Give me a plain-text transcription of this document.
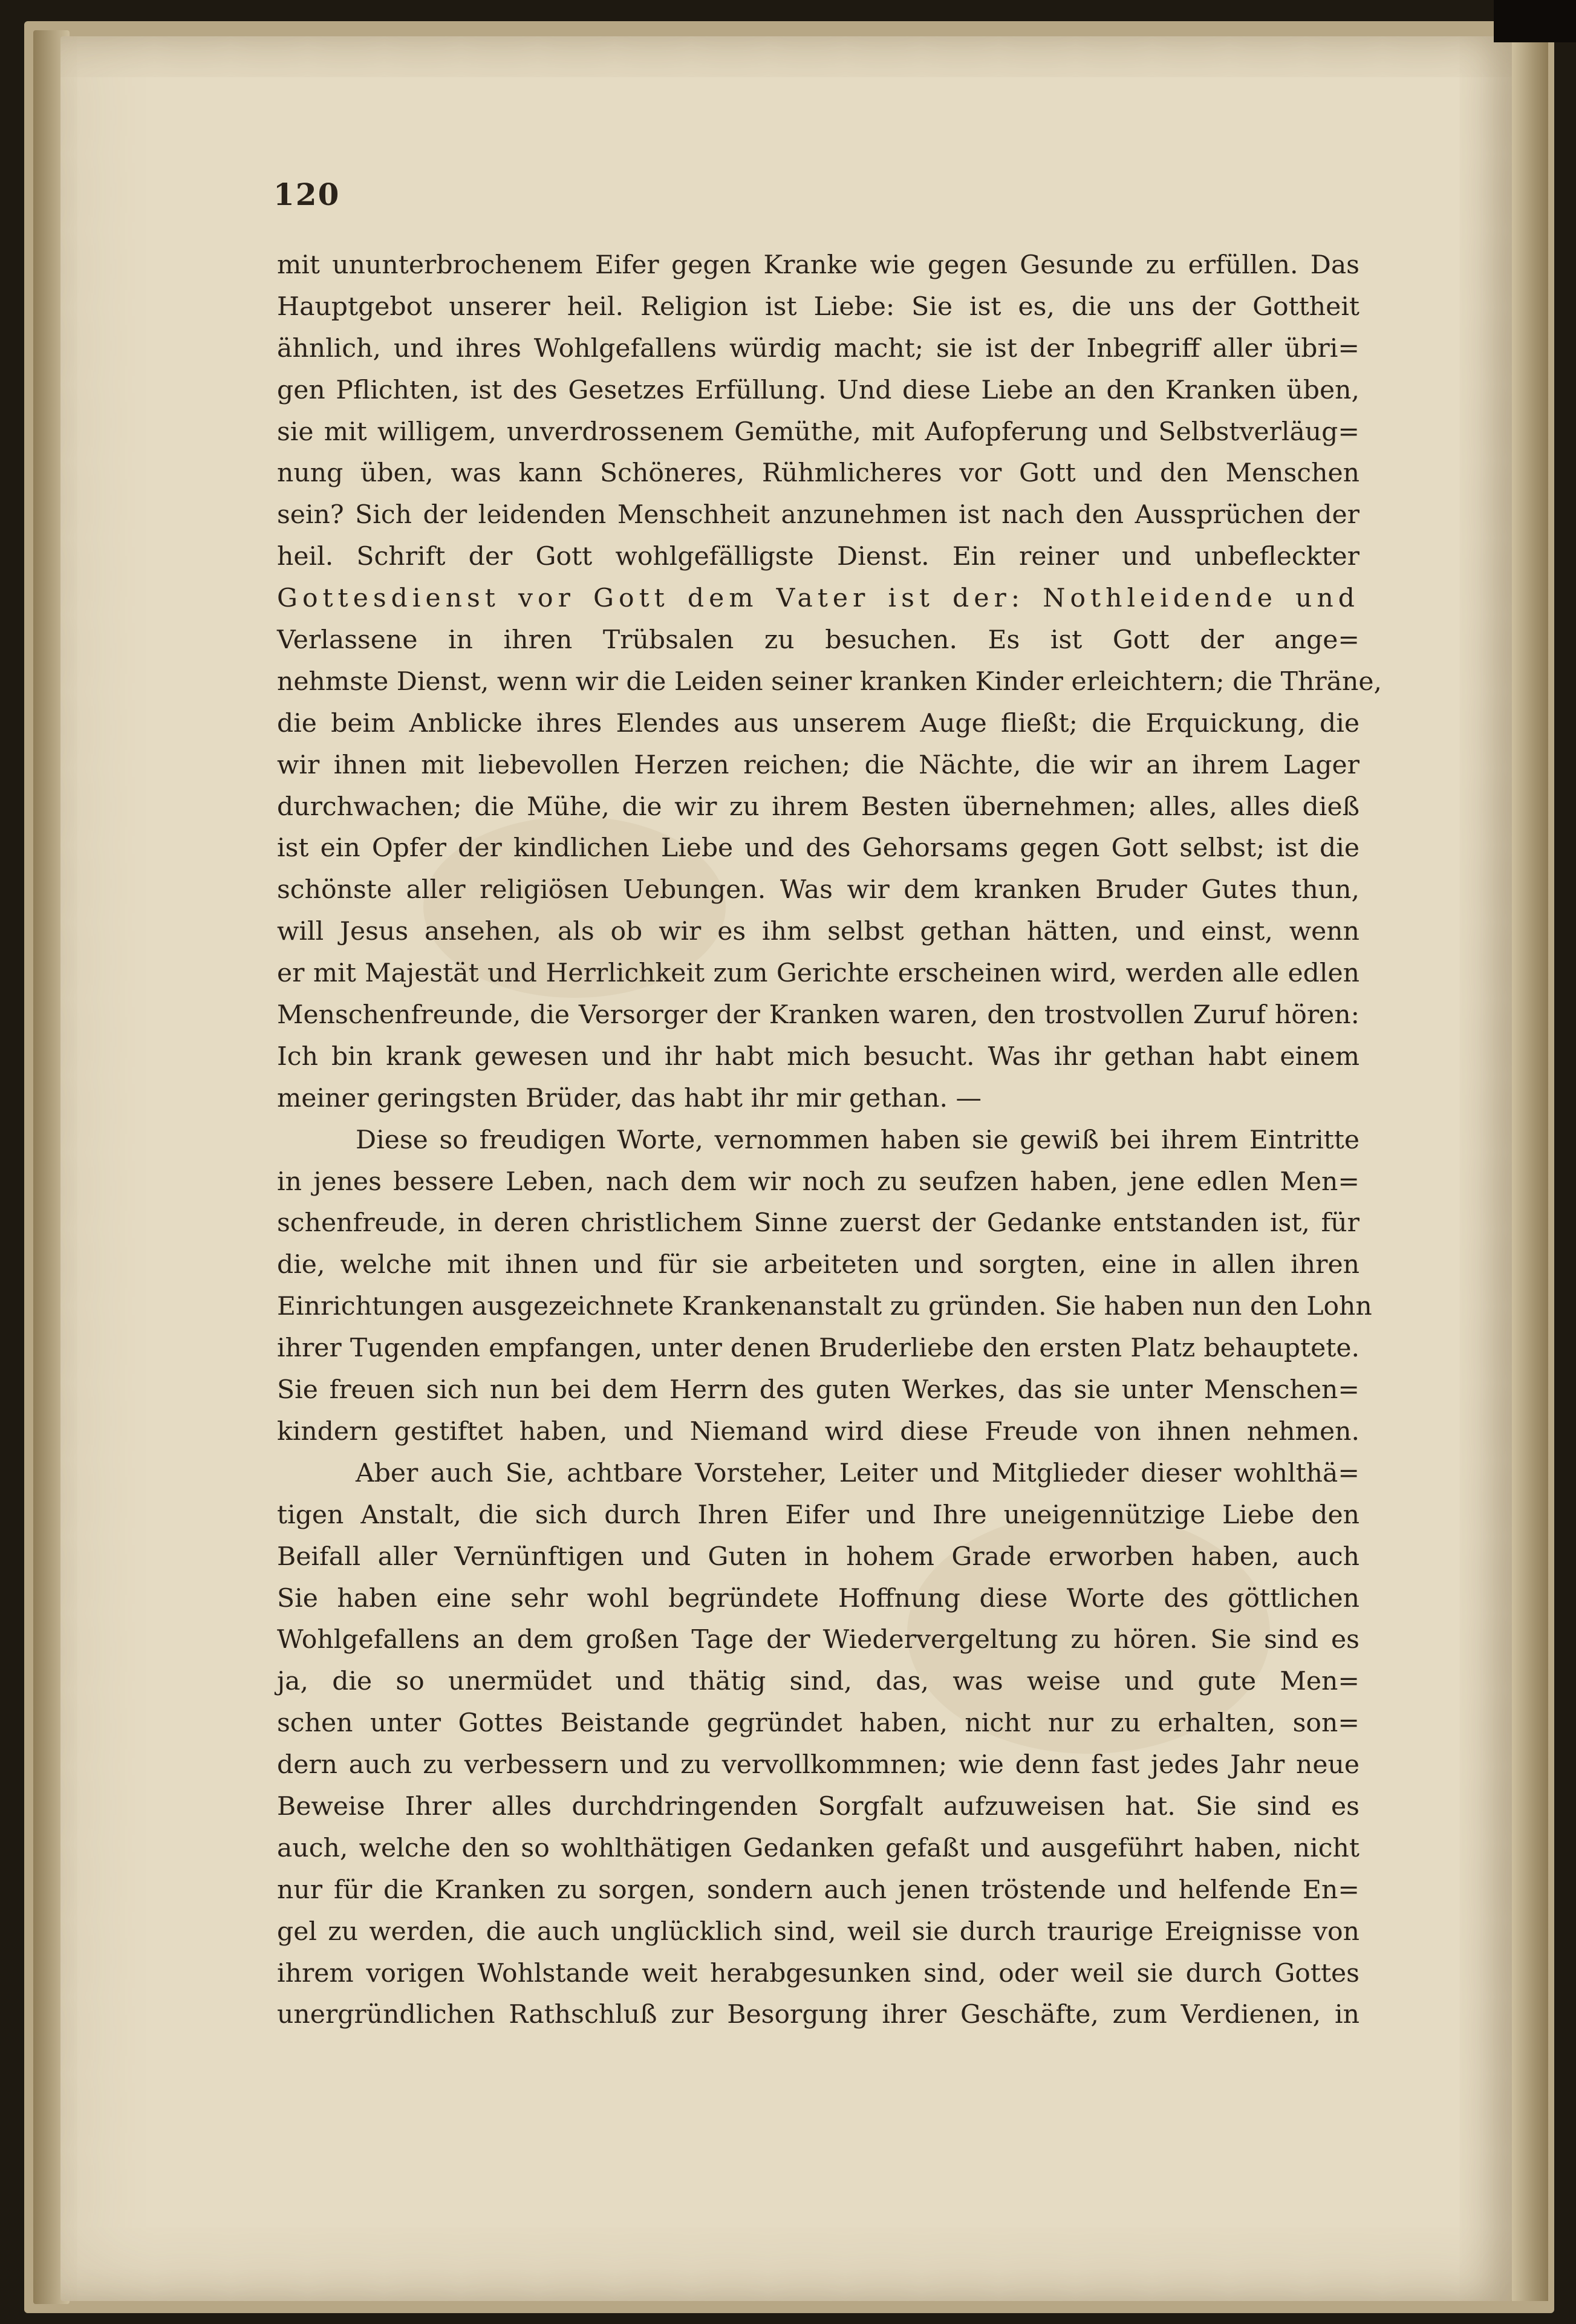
120
mit ununterbrochenem Eifer gegen Kranke wie gegen Gesunde zu erfüllen. Das
Hauptgebot unserer heil. Religion ist Liebe: Sie ist es, die uns der Gottheit
ähnlich, und ihres Wohlgefallens würdig macht; sie ist der Inbegriff aller übri=
gen Pflichten, ist des Gesetzes Erfüllung. Und diese Liebe an den Kranken üben,
sie mit willigem, unverdrossenem Gemüthe, mit Aufopferung und Selbstverläug=
nung üben, was kann Schöneres, Rühmlicheres vor Gott und den Menschen
sein? Sich der leidenden Menschheit anzunehmen ist nach den Aussprüchen der
heil. Schrift der Gott wohlgefälligste Dienst. Ein reiner und unbefleckter
Gottesdienst vor Gott dem Vater ist der: Nothleidende und
Verlassene in ihren Trübsalen zu besuchen. Es ist Gott der ange=
nehmste Dienst, wenn wir die Leiden seiner kranken Kinder erleichtern; die Thräne,
die beim Anblicke ihres Elendes aus unserem Auge fließt; die Erquickung, die
wir ihnen mit liebevollen Herzen reichen; die Nächte, die wir an ihrem Lager
durchwachen; die Mühe, die wir zu ihrem Besten übernehmen; alles, alles dieß
ist ein Opfer der kindlichen Liebe und des Gehorsams gegen Gott selbst; ist die
schönste aller religiösen Uebungen. Was wir dem kranken Bruder Gutes thun,
will Jesus ansehen, als ob wir es ihm selbst gethan hätten, und einst, wenn
er mit Majestät und Herrlichkeit zum Gerichte erscheinen wird, werden alle edlen
Menschenfreunde, die Versorger der Kranken waren, den trostvollen Zuruf hören:
Ich bin krank gewesen und ihr habt mich besucht. Was ihr gethan habt einem
meiner geringsten Brüder, das habt ihr mir gethan. —
Diese so freudigen Worte, vernommen haben sie gewiß bei ihrem Eintritte
in jenes bessere Leben, nach dem wir noch zu seufzen haben, jene edlen Men=
schenfreude, in deren christlichem Sinne zuerst der Gedanke entstanden ist, für
die, welche mit ihnen und für sie arbeiteten und sorgten, eine in allen ihren
Einrichtungen ausgezeichnete Krankenanstalt zu gründen. Sie haben nun den Lohn
ihrer Tugenden empfangen, unter denen Bruderliebe den ersten Platz behauptete.
Sie freuen sich nun bei dem Herrn des guten Werkes, das sie unter Menschen=
kindern gestiftet haben, und Niemand wird diese Freude von ihnen nehmen.
Aber auch Sie, achtbare Vorsteher, Leiter und Mitglieder dieser wohlthä=
tigen Anstalt, die sich durch Ihren Eifer und Ihre uneigennützige Liebe den
Beifall aller Vernünftigen und Guten in hohem Grade erworben haben, auch
Sie haben eine sehr wohl begründete Hoffnung diese Worte des göttlichen
Wohlgefallens an dem großen Tage der Wiedervergeltung zu hören. Sie sind es
ja, die so unermüdet und thätig sind, das, was weise und gute Men=
schen unter Gottes Beistande gegründet haben, nicht nur zu erhalten, son=
dern auch zu verbessern und zu vervollkommnen; wie denn fast jedes Jahr neue
Beweise Ihrer alles durchdringenden Sorgfalt aufzuweisen hat. Sie sind es
auch, welche den so wohlthätigen Gedanken gefaßt und ausgeführt haben, nicht
nur für die Kranken zu sorgen, sondern auch jenen tröstende und helfende En=
gel zu werden, die auch unglücklich sind, weil sie durch traurige Ereignisse von
ihrem vorigen Wohlstande weit herabgesunken sind, oder weil sie durch Gottes
unergründlichen Rathschluß zur Besorgung ihrer Geschäfte, zum Verdienen, in
